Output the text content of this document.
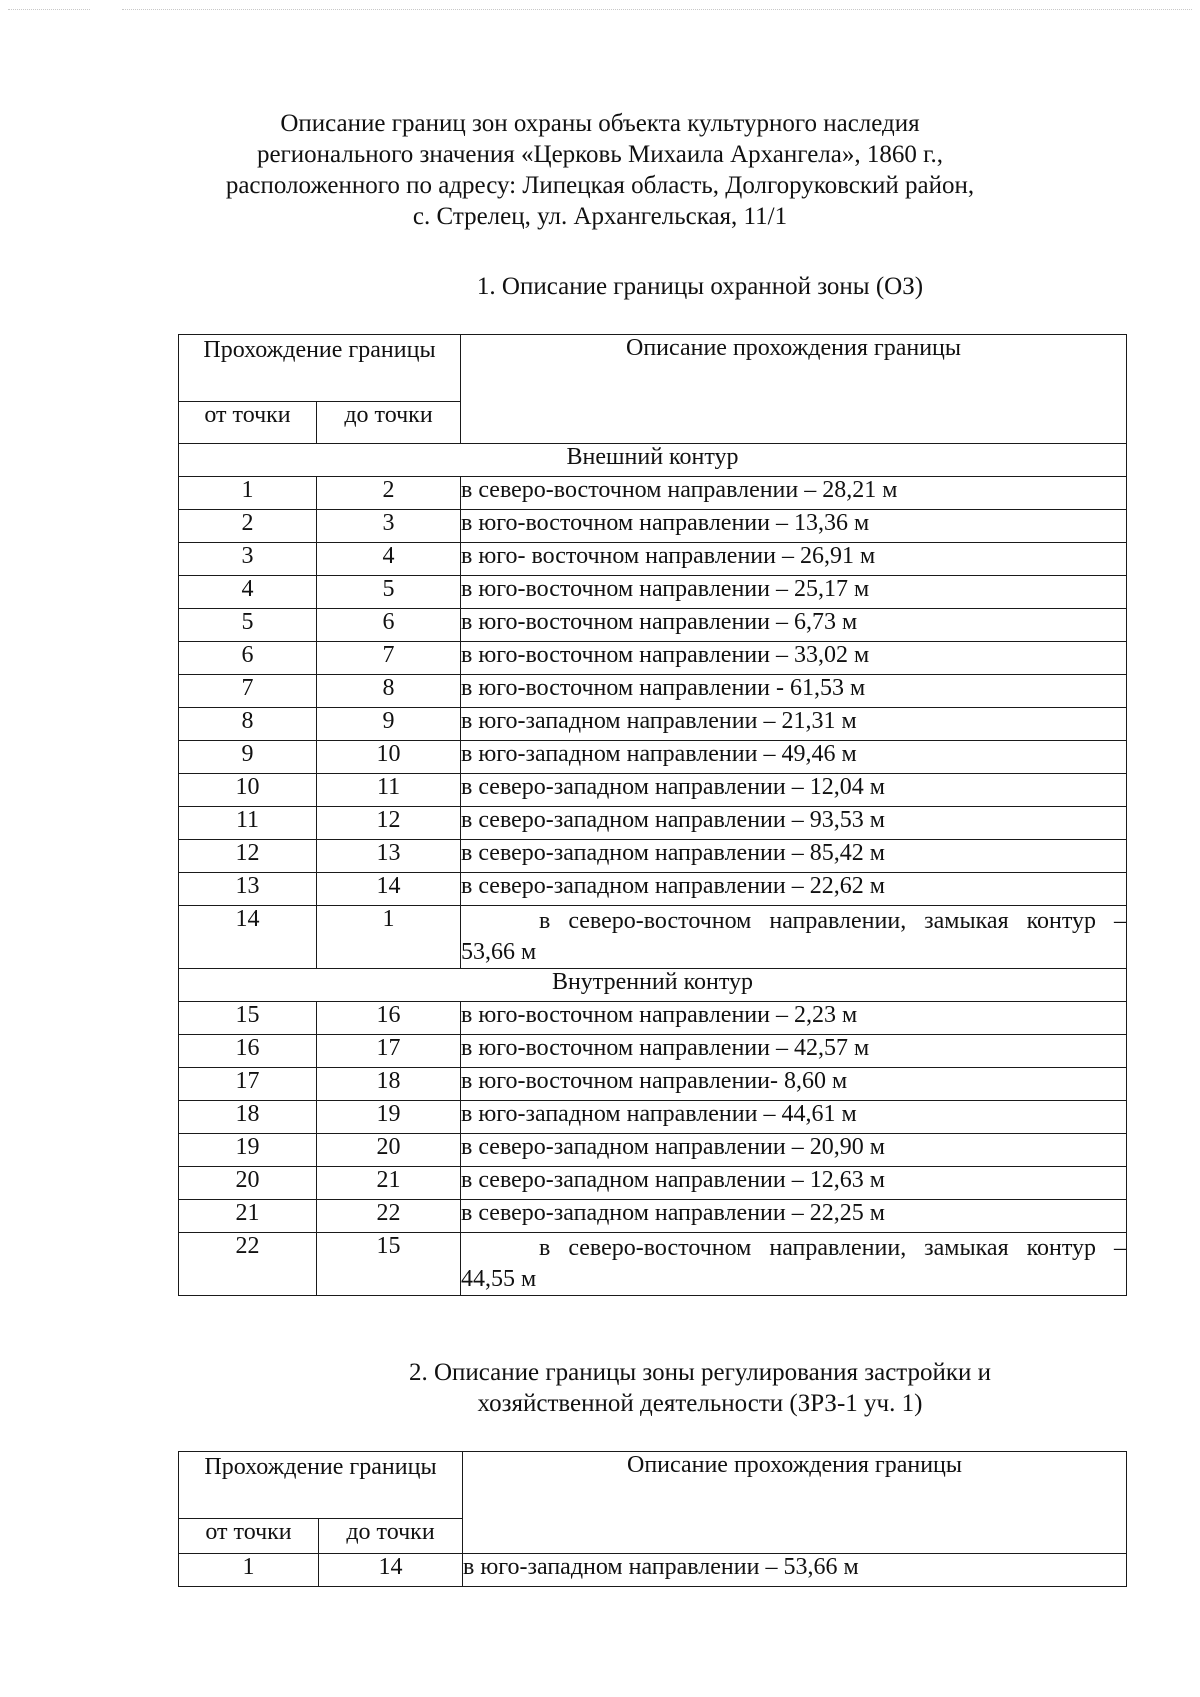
Описание границ зон охраны объекта культурного наследия
регионального значения «Церковь Михаила Архангела», 1860 г.,
расположенного по адресу: Липецкая область, Долгоруковский район,
с. Стрелец, ул. Архангельская, 11/1
1. Описание границы охранной зоны (ОЗ)
Прохождение границы		Описание прохождения границы
от точки	до точки	
Внешний контур		
1	2	в северо-восточном направлении – 28,21 м
2	3	в юго-восточном направлении – 13,36 м
3	4	в юго- восточном направлении – 26,91 м
4	5	в юго-восточном направлении – 25,17 м
5	6	в юго-восточном направлении – 6,73 м
6	7	в юго-восточном направлении – 33,02 м
7	8	в юго-восточном направлении - 61,53 м
8	9	в юго-западном направлении – 21,31 м
9	10	в юго-западном направлении – 49,46 м
10	11	в северо-западном направлении – 12,04 м
11	12	в северо-западном направлении – 93,53 м
12	13	в северо-западном направлении – 85,42 м
13	14	в северо-западном направлении – 22,62 м
14	1	в северо-восточном направлении, замыкая контур – 53,66 м
Внутренний контур		
15	16	в юго-восточном направлении – 2,23 м
16	17	в юго-восточном направлении – 42,57 м
17	18	в юго-восточном направлении- 8,60 м
18	19	в юго-западном направлении – 44,61 м
19	20	в северо-западном направлении – 20,90 м
20	21	в северо-западном направлении – 12,63 м
21	22	в северо-западном направлении – 22,25 м
22	15	в северо-восточном направлении, замыкая контур – 44,55 м
2. Описание границы зоны регулирования застройки и
хозяйственной деятельности (ЗРЗ-1 уч. 1)
Прохождение границы		Описание прохождения границы
от точки	до точки	
1	14	в юго-западном направлении – 53,66 м
